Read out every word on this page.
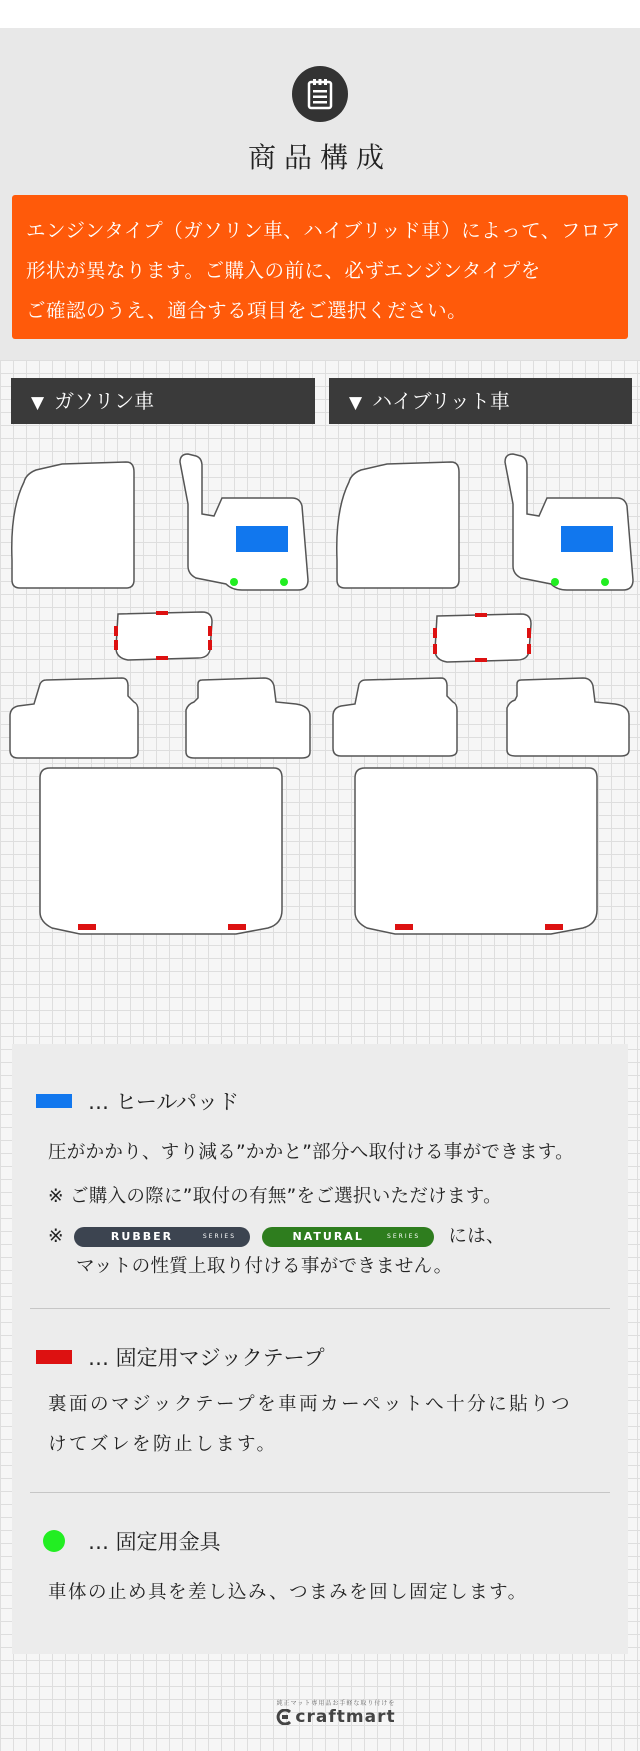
商品構成
エンジンタイプ（ガソリン車、ハイブリッド車）によって、フロア
形状が異なります。ご購入の前に、必ずエンジンタイプを
ご確認のうえ、適合する項目をご選択ください。
▼ ガソリン車	▼ ハイブリット車
… ヒールパッド
圧がかかり、すり減る”かかと”部分へ取付ける事ができます。
※ ご購入の際に”取付の有無”をご選択いただけます。
※	RUBBER	SERIES	NATURAL	SERIES には、
マットの性質上取り付ける事ができません。
… 固定用マジックテープ
裏面のマジックテープを車両カーペットへ十分に貼りつ
けてズレを防止します。
… 固定用金具
車体の止め具を差し込み、つまみを回し固定します。
純正マット専用品お手軽な取り付けを
craftmart
